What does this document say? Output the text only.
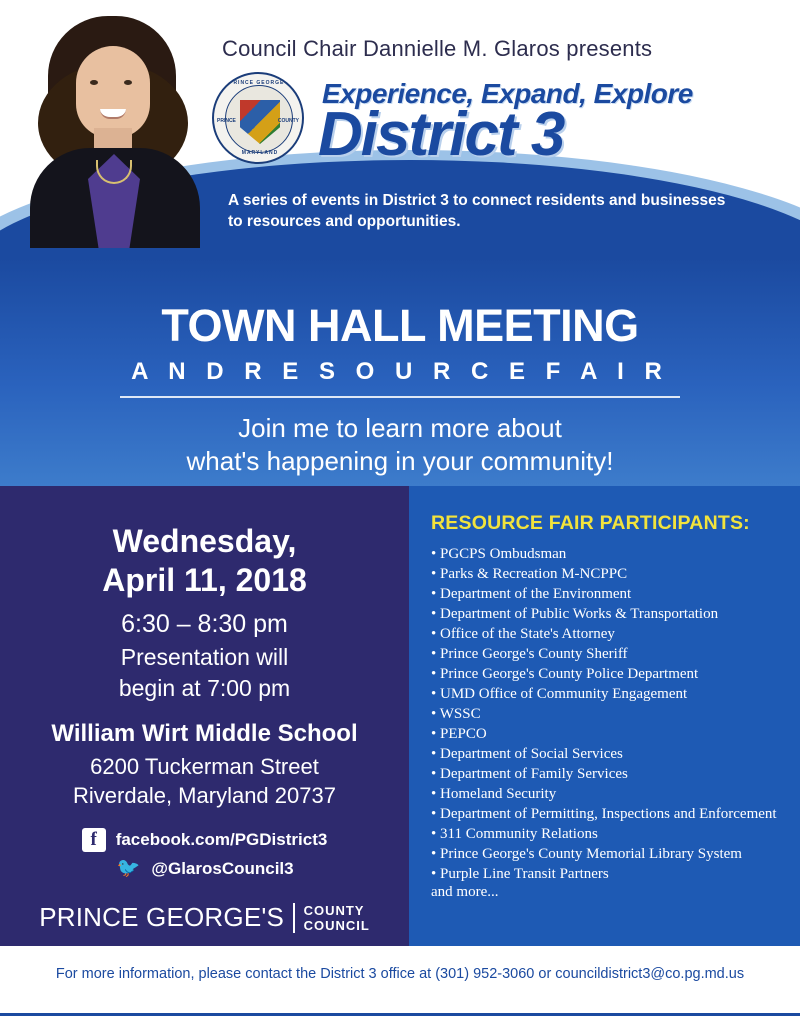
PRINCE GEORGE'S
PRINCE	COUNTY
MARYLAND
Council Chair Dannielle M. Glaros presents
Experience, Expand, Explore
District 3
A series of events in District 3 to connect residents and businesses to resources and opportunities.
TOWN HALL MEETING
A N D R E S O U R C E F A I R
Join me to learn more about
what's happening in your community!
Wednesday,
April 11, 2018
6:30 – 8:30 pm
Presentation will
begin at 7:00 pm
William Wirt Middle School
6200 Tuckerman Street
Riverdale, Maryland 20737
f	facebook.com/PGDistrict3
🐦 @GlarosCouncil3
PRINCE GEORGE'S COUNTY
COUNCIL
RESOURCE FAIR PARTICIPANTS:
• PGCPS Ombudsman
• Parks & Recreation M-NCPPC
• Department of the Environment
• Department of Public Works & Transportation
• Office of the State's Attorney
• Prince George's County Sheriff
• Prince George's County Police Department
• UMD Office of Community Engagement
• WSSC
• PEPCO
• Department of Social Services
• Department of Family Services
• Homeland Security
• Department of Permitting, Inspections and Enforcement
• 311 Community Relations
• Prince George's County Memorial Library System
• Purple Line Transit Partners
and more...
For more information, please contact the District 3 office at (301) 952-3060 or councildistrict3@co.pg.md.us
